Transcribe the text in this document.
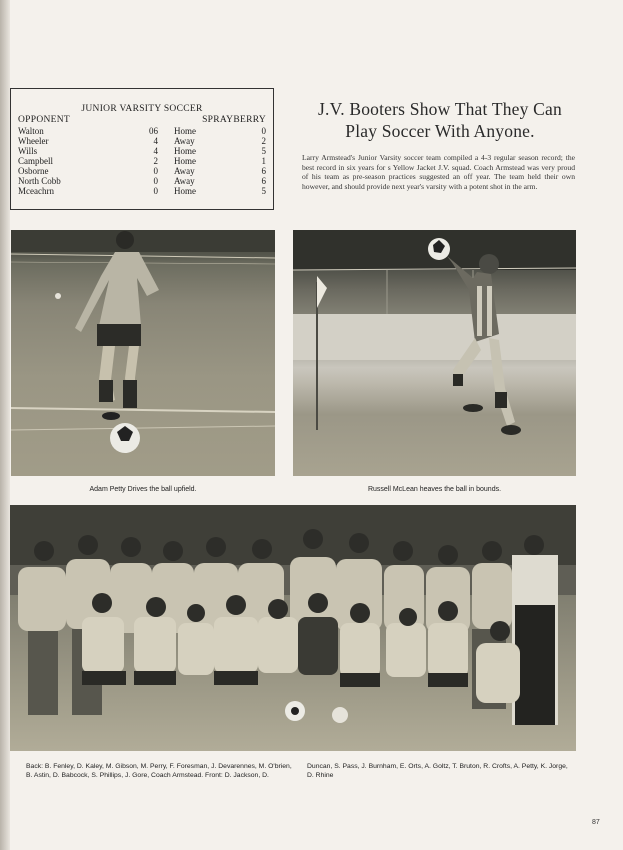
JUNIOR VARSITY SOCCER
OPPONENT	SPRAYBERRY
Walton	06 Home	0
Wheeler	4 Away	2
Wills	4 Home	5
Campbell	2 Home	1
Osborne	0 Away	6
North Cobb	0 Away	6
Mceachrn	0 Home	5
J.V. Booters Show That They Can
Play Soccer With Anyone.
Larry Armstead's Junior Varsity soccer team compiled a 4-3 regular season record; the best record in six years for s Yellow Jacket J.V. squad. Coach Armstead was very proud of his team as pre-season practices suggested an off year. The team held their own however, and should provide next year's varsity with a potent shot in the arm.
Adam Petty Drives the ball upfield.	Russell McLean heaves the ball in bounds.
Back: B. Fenley, D. Kaley, M. Gibson, M. Perry, F. Foresman, J. Devarennes, M. O'brien, B. Astin, D. Babcock, S. Phillips, J. Gore, Coach Armstead. Front: D. Jackson, D. Duncan, S. Pass, J. Burnham, E. Orts, A. Goltz, T. Bruton, R. Crofts, A. Petty, K. Jorge, D. Rhine
87
